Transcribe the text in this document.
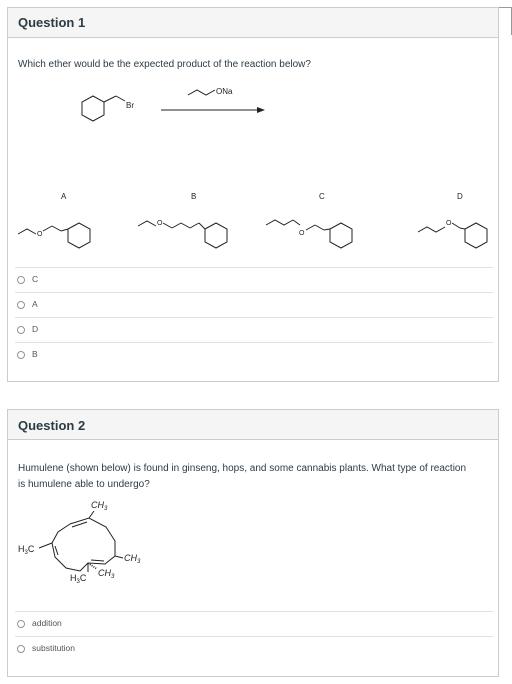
Question 1
Which ether would be the expected product of the reaction below?
Br
ONa
A	B	C	D
O
O
O
O
C
A
D
B
Question 2
Humulene (shown below) is found in ginseng, hops, and some cannabis plants. What type of reaction
is humulene able to undergo?
$CH_3$
$H_3C$
$CH_3$
$H_3C$ $CH_3$
addition
substitution
